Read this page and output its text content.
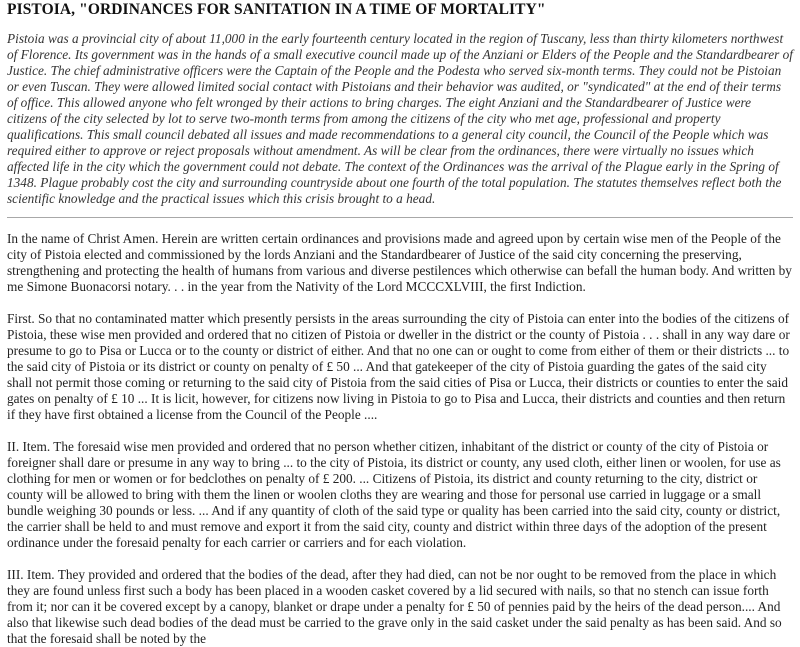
PISTOIA, "ORDINANCES FOR SANITATION IN A TIME OF MORTALITY"

Pistoia was a provincial city of about 11,000 in the early fourteenth century located in the region of Tuscany, less than thirty kilometers northwest of Florence. Its government was in the hands of a small executive council made up of the Anziani or Elders of the People and the Standardbearer of Justice. The chief administrative officers were the Captain of the People and the Podesta who served six-month terms. They could not be Pistoian or even Tuscan. They were allowed limited social contact with Pistoians and their behavior was audited, or "syndicated" at the end of their terms of office. This allowed anyone who felt wronged by their actions to bring charges. The eight Anziani and the Standardbearer of Justice were citizens of the city selected by lot to serve two-month terms from among the citizens of the city who met age, professional and property qualifications. This small council debated all issues and made recommendations to a general city council, the Council of the People which was required either to approve or reject proposals without amendment. As will be clear from the ordinances, there were virtually no issues which affected life in the city which the government could not debate. The context of the Ordinances was the arrival of the Plague early in the Spring of 1348. Plague probably cost the city and surrounding countryside about one fourth of the total population. The statutes themselves reflect both the scientific knowledge and the practical issues which this crisis brought to a head.

In the name of Christ Amen. Herein are written certain ordinances and provisions made and agreed upon by certain wise men of the People of the city of Pistoia elected and commissioned by the lords Anziani and the Standardbearer of Justice of the said city concerning the preserving, strengthening and protecting the health of humans from various and diverse pestilences which otherwise can befall the human body. And written by me Simone Buonacorsi notary. . . in the year from the Nativity of the Lord MCCCXLVIII, the first Indiction.

First. So that no contaminated matter which presently persists in the areas surrounding the city of Pistoia can enter into the bodies of the citizens of Pistoia, these wise men provided and ordered that no citizen of Pistoia or dweller in the district or the county of Pistoia . . . shall in any way dare or presume to go to Pisa or Lucca or to the county or district of either. And that no one can or ought to come from either of them or their districts ... to the said city of Pistoia or its district or county on penalty of £ 50 ... And that gatekeeper of the city of Pistoia guarding the gates of the said city shall not permit those coming or returning to the said city of Pistoia from the said cities of Pisa or Lucca, their districts or counties to enter the said gates on penalty of £ 10 ... It is licit, however, for citizens now living in Pistoia to go to Pisa and Lucca, their districts and counties and then return if they have first obtained a license from the Council of the People ....

II. Item. The foresaid wise men provided and ordered that no person whether citizen, inhabitant of the district or county of the city of Pistoia or foreigner shall dare or presume in any way to bring ... to the city of Pistoia, its district or county, any used cloth, either linen or woolen, for use as clothing for men or women or for bedclothes on penalty of £ 200. ... Citizens of Pistoia, its district and county returning to the city, district or county will be allowed to bring with them the linen or woolen cloths they are wearing and those for personal use carried in luggage or a small bundle weighing 30 pounds or less. ... And if any quantity of cloth of the said type or quality has been carried into the said city, county or district, the carrier shall be held to and must remove and export it from the said city, county and district within three days of the adoption of the present ordinance under the foresaid penalty for each carrier or carriers and for each violation.

III. Item. They provided and ordered that the bodies of the dead, after they had died, can not be nor ought to be removed from the place in which they are found unless first such a body has been placed in a wooden casket covered by a lid secured with nails, so that no stench can issue forth from it; nor can it be covered except by a canopy, blanket or drape under a penalty for £ 50 of pennies paid by the heirs of the dead person.... And also that likewise such dead bodies of the dead must be carried to the grave only in the said casket under the said penalty as has been said. And so that the foresaid shall be noted by the
